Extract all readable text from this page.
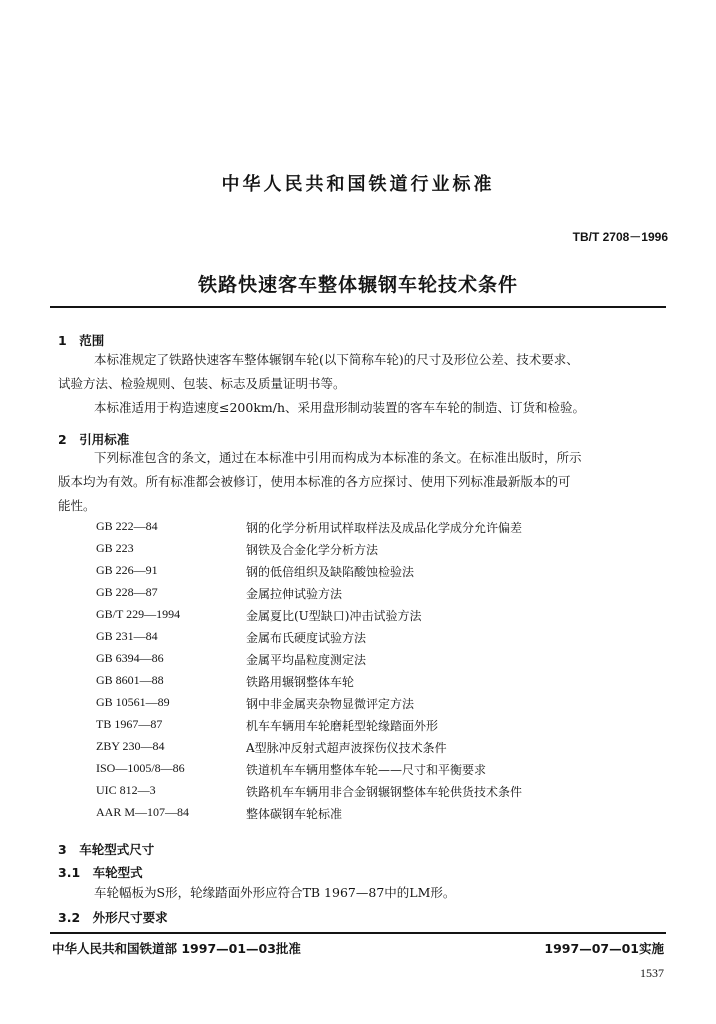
中华人民共和国铁道行业标准
TB/T 2708－1996
铁路快速客车整体辗钢车轮技术条件
1　范围
本标准规定了铁路快速客车整体辗钢车轮(以下简称车轮)的尺寸及形位公差、技术要求、
试验方法、检验规则、包装、标志及质量证明书等。
本标准适用于构造速度≤200km/h、采用盘形制动装置的客车车轮的制造、订货和检验。
2　引用标准
下列标准包含的条文，通过在本标准中引用而构成为本标准的条文。在标准出版时，所示
版本均为有效。所有标准都会被修订，使用本标准的各方应探讨、使用下列标准最新版本的可
能性。
GB 222—84	钢的化学分析用试样取样法及成品化学成分允许偏差
GB 223	钢铁及合金化学分析方法
GB 226—91	钢的低倍组织及缺陷酸蚀检验法
GB 228—87	金属拉伸试验方法
GB/T 229—1994	金属夏比(U型缺口)冲击试验方法
GB 231—84	金属布氏硬度试验方法
GB 6394—86	金属平均晶粒度测定法
GB 8601—88	铁路用辗钢整体车轮
GB 10561—89	钢中非金属夹杂物显微评定方法
TB 1967—87	机车车辆用车轮磨耗型轮缘踏面外形
ZBY 230—84	A型脉冲反射式超声波探伤仪技术条件
ISO—1005/8—86	铁道机车车辆用整体车轮——尺寸和平衡要求
UIC 812—3	铁路机车车辆用非合金钢辗钢整体车轮供货技术条件
AAR M—107—84	整体碳钢车轮标准
3　车轮型式尺寸
3.1　车轮型式
车轮幅板为S形，轮缘踏面外形应符合TB 1967—87中的LM形。
3.2　外形尺寸要求
中华人民共和国铁道部 1997—01—03批准	1997—07—01实施
1537
